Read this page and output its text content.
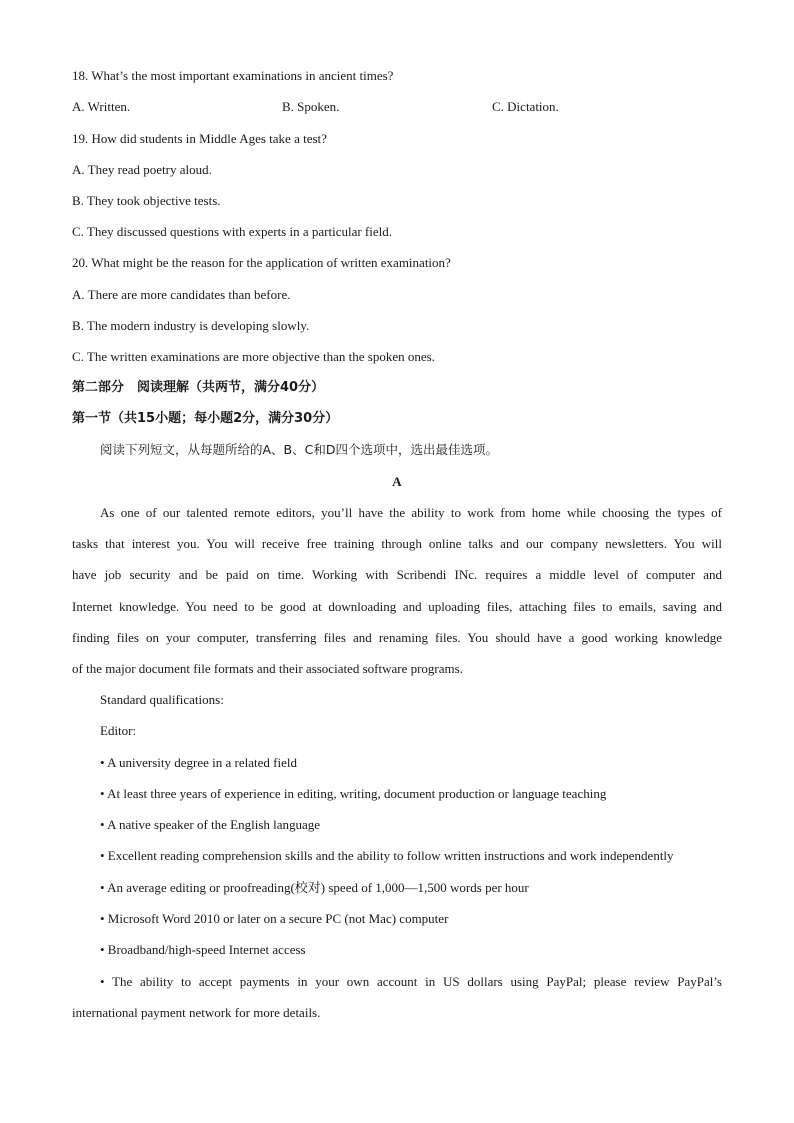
18. What’s the most important examinations in ancient times?
A. Written.	B. Spoken.	C. Dictation.
19. How did students in Middle Ages take a test?
A. They read poetry aloud.
B. They took objective tests.
C. They discussed questions with experts in a particular field.
20. What might be the reason for the application of written examination?
A. There are more candidates than before.
B. The modern industry is developing slowly.
C. The written examinations are more objective than the spoken ones.
第二部分　阅读理解（共两节，满分40分）
第一节（共15小题；每小题2分，满分30分）
阅读下列短文，从每题所给的A、B、C和D四个选项中，选出最佳选项。
A
As one of our talented remote editors, you’ll have the ability to work from home while choosing the types of
tasks that interest you. You will receive free training through online talks and our company newsletters. You will
have job security and be paid on time. Working with Scribendi INc. requires a middle level of computer and
Internet knowledge. You need to be good at downloading and uploading files, attaching files to emails, saving and
finding files on your computer, transferring files and renaming files. You should have a good working knowledge
of the major document file formats and their associated software programs.
Standard qualifications:
Editor:
• A university degree in a related field
• At least three years of experience in editing, writing, document production or language teaching
• A native speaker of the English language
• Excellent reading comprehension skills and the ability to follow written instructions and work independently
• An average editing or proofreading(校对) speed of 1,000—1,500 words per hour
• Microsoft Word 2010 or later on a secure PC (not Mac) computer
• Broadband/high-speed Internet access
• The ability to accept payments in your own account in US dollars using PayPal; please review PayPal’s
international payment network for more details.
